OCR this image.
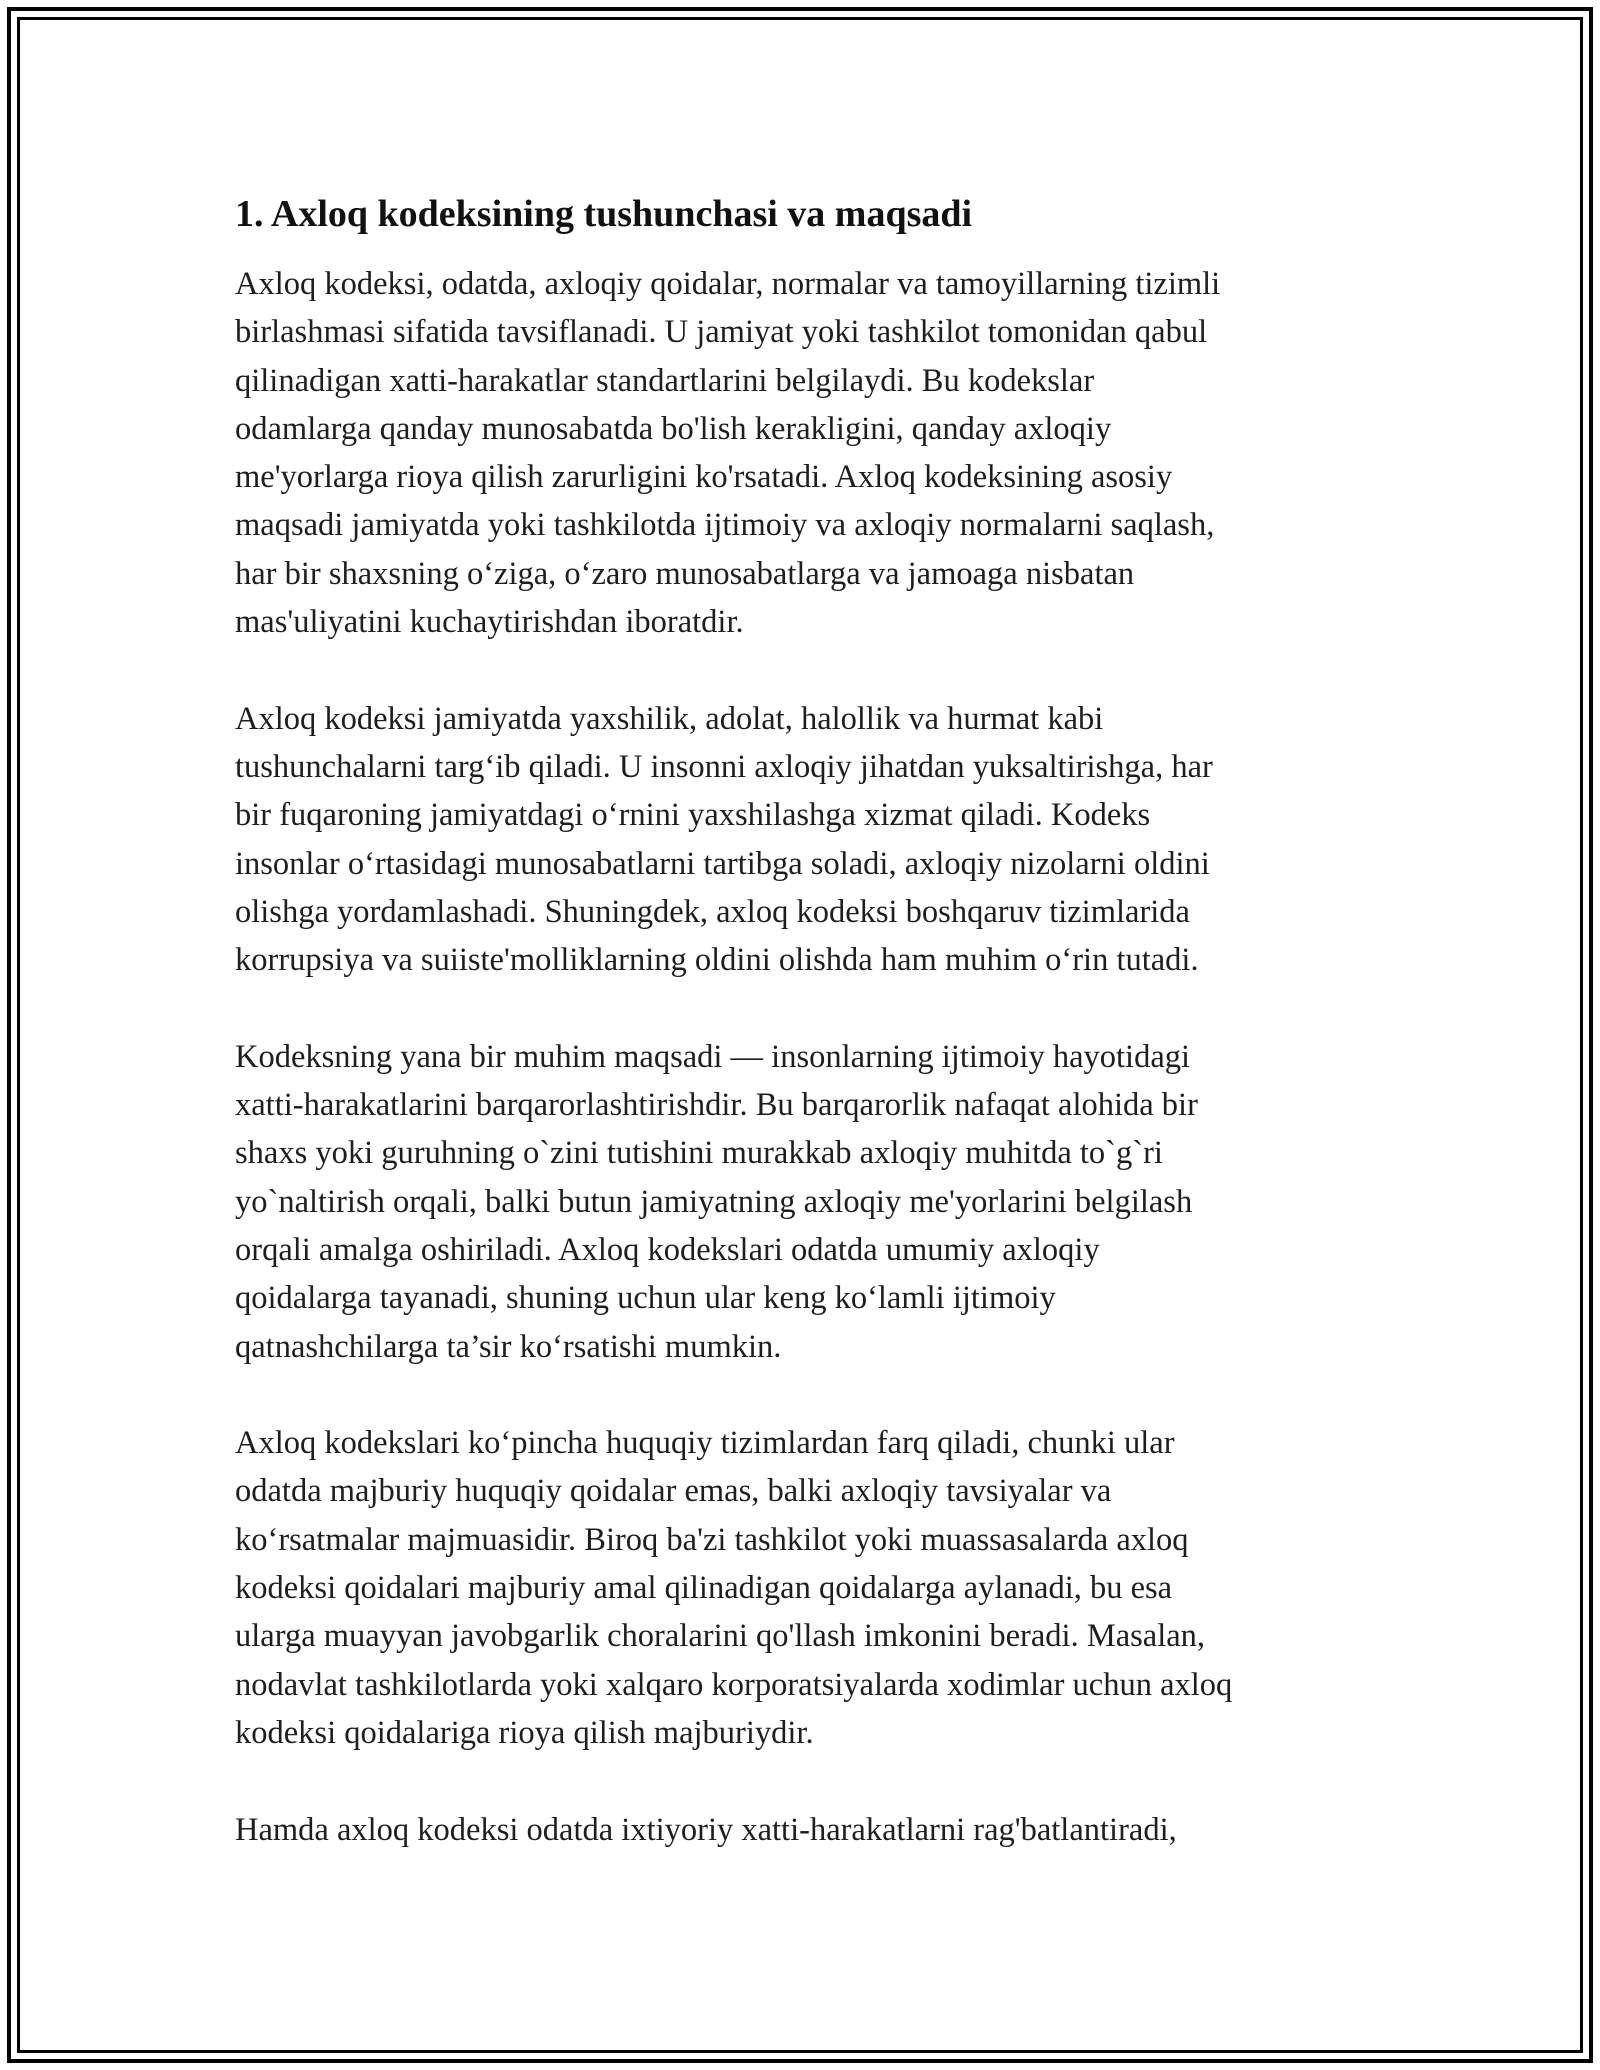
1. Axloq kodeksining tushunchasi va maqsadi

Axloq kodeksi, odatda, axloqiy qoidalar, normalar va tamoyillarning tizimli
birlashmasi sifatida tavsiflanadi. U jamiyat yoki tashkilot tomonidan qabul
qilinadigan xatti-harakatlar standartlarini belgilaydi. Bu kodekslar
odamlarga qanday munosabatda bo'lish kerakligini, qanday axloqiy
me'yorlarga rioya qilish zarurligini ko'rsatadi. Axloq kodeksining asosiy
maqsadi jamiyatda yoki tashkilotda ijtimoiy va axloqiy normalarni saqlash,
har bir shaxsning o‘ziga, o‘zaro munosabatlarga va jamoaga nisbatan
mas'uliyatini kuchaytirishdan iboratdir.

Axloq kodeksi jamiyatda yaxshilik, adolat, halollik va hurmat kabi
tushunchalarni targ‘ib qiladi. U insonni axloqiy jihatdan yuksaltirishga, har
bir fuqaroning jamiyatdagi o‘rnini yaxshilashga xizmat qiladi. Kodeks
insonlar o‘rtasidagi munosabatlarni tartibga soladi, axloqiy nizolarni oldini
olishga yordamlashadi. Shuningdek, axloq kodeksi boshqaruv tizimlarida
korrupsiya va suiiste'molliklarning oldini olishda ham muhim o‘rin tutadi.

Kodeksning yana bir muhim maqsadi — insonlarning ijtimoiy hayotidagi
xatti-harakatlarini barqarorlashtirishdir. Bu barqarorlik nafaqat alohida bir
shaxs yoki guruhning o`zini tutishini murakkab axloqiy muhitda to`g`ri
yo`naltirish orqali, balki butun jamiyatning axloqiy me'yorlarini belgilash
orqali amalga oshiriladi. Axloq kodekslari odatda umumiy axloqiy
qoidalarga tayanadi, shuning uchun ular keng ko‘lamli ijtimoiy
qatnashchilarga ta’sir ko‘rsatishi mumkin.

Axloq kodekslari ko‘pincha huquqiy tizimlardan farq qiladi, chunki ular
odatda majburiy huquqiy qoidalar emas, balki axloqiy tavsiyalar va
ko‘rsatmalar majmuasidir. Biroq ba'zi tashkilot yoki muassasalarda axloq
kodeksi qoidalari majburiy amal qilinadigan qoidalarga aylanadi, bu esa
ularga muayyan javobgarlik choralarini qo'llash imkonini beradi. Masalan,
nodavlat tashkilotlarda yoki xalqaro korporatsiyalarda xodimlar uchun axloq
kodeksi qoidalariga rioya qilish majburiydir.

Hamda axloq kodeksi odatda ixtiyoriy xatti-harakatlarni rag'batlantiradi,
